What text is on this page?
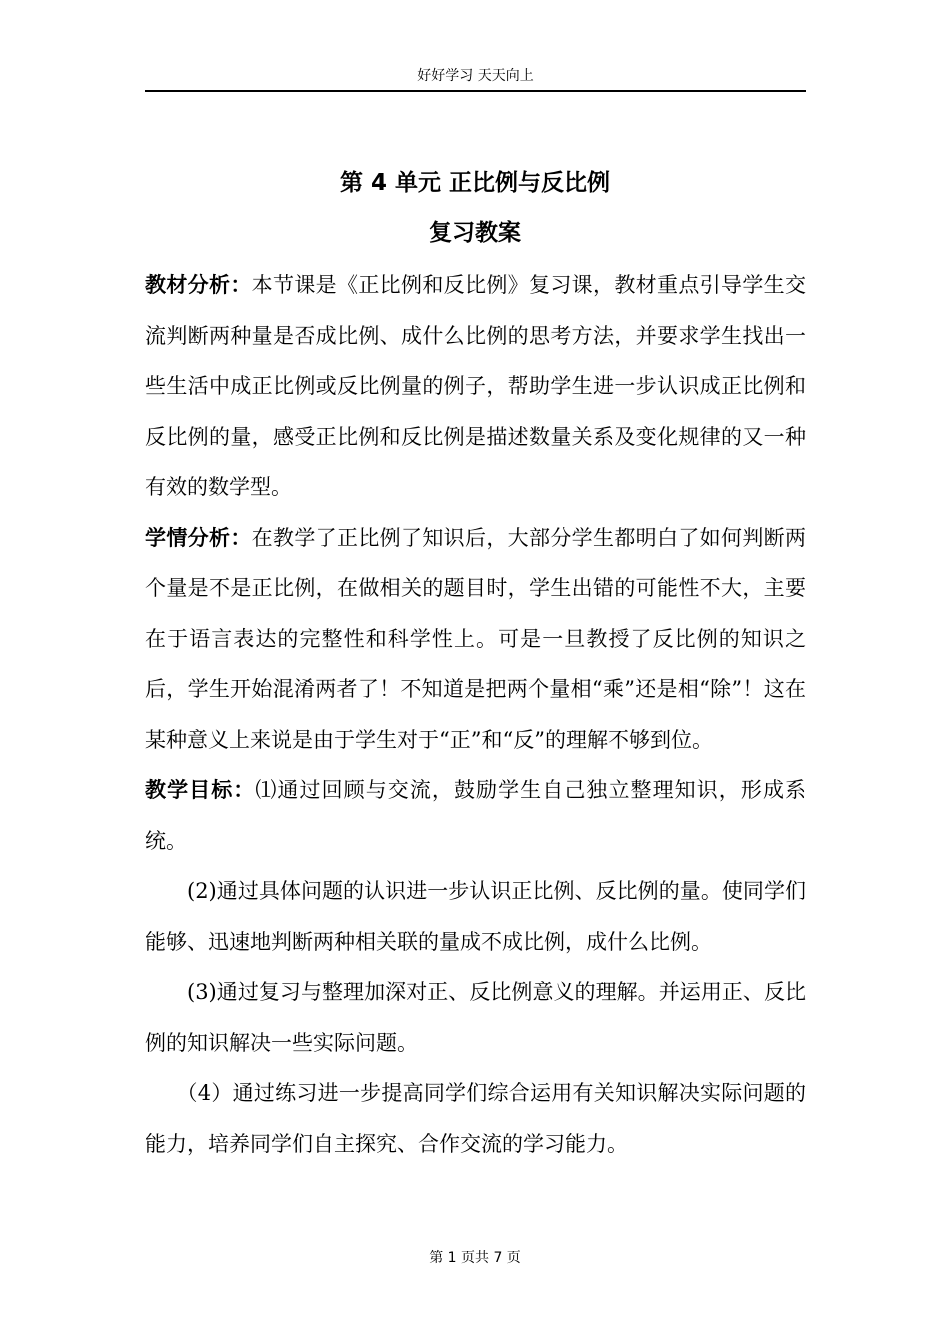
好好学习 天天向上
第 4 单元 正比例与反比例
复习教案

教材分析：本节课是《正比例和反比例》复习课，教材重点引导学生交流判断两种量是否成比例、成什么比例的思考方法，并要求学生找出一些生活中成正比例或反比例量的例子，帮助学生进一步认识成正比例和反比例的量，感受正比例和反比例是描述数量关系及变化规律的又一种有效的数学型。

学情分析：在教学了正比例了知识后，大部分学生都明白了如何判断两个量是不是正比例，在做相关的题目时，学生出错的可能性不大，主要在于语言表达的完整性和科学性上。可是一旦教授了反比例的知识之后，学生开始混淆两者了！不知道是把两个量相“乘”还是相“除”！这在某种意义上来说是由于学生对于“正”和“反”的理解不够到位。

教学目标：⑴通过回顾与交流，鼓励学生自己独立整理知识，形成系统。

(2)通过具体问题的认识进一步认识正比例、反比例的量。使同学们能够、迅速地判断两种相关联的量成不成比例，成什么比例。

(3)通过复习与整理加深对正、反比例意义的理解。并运用正、反比例的知识解决一些实际问题。

（4）通过练习进一步提高同学们综合运用有关知识解决实际问题的能力，培养同学们自主探究、合作交流的学习能力。

第 1 页共 7 页
